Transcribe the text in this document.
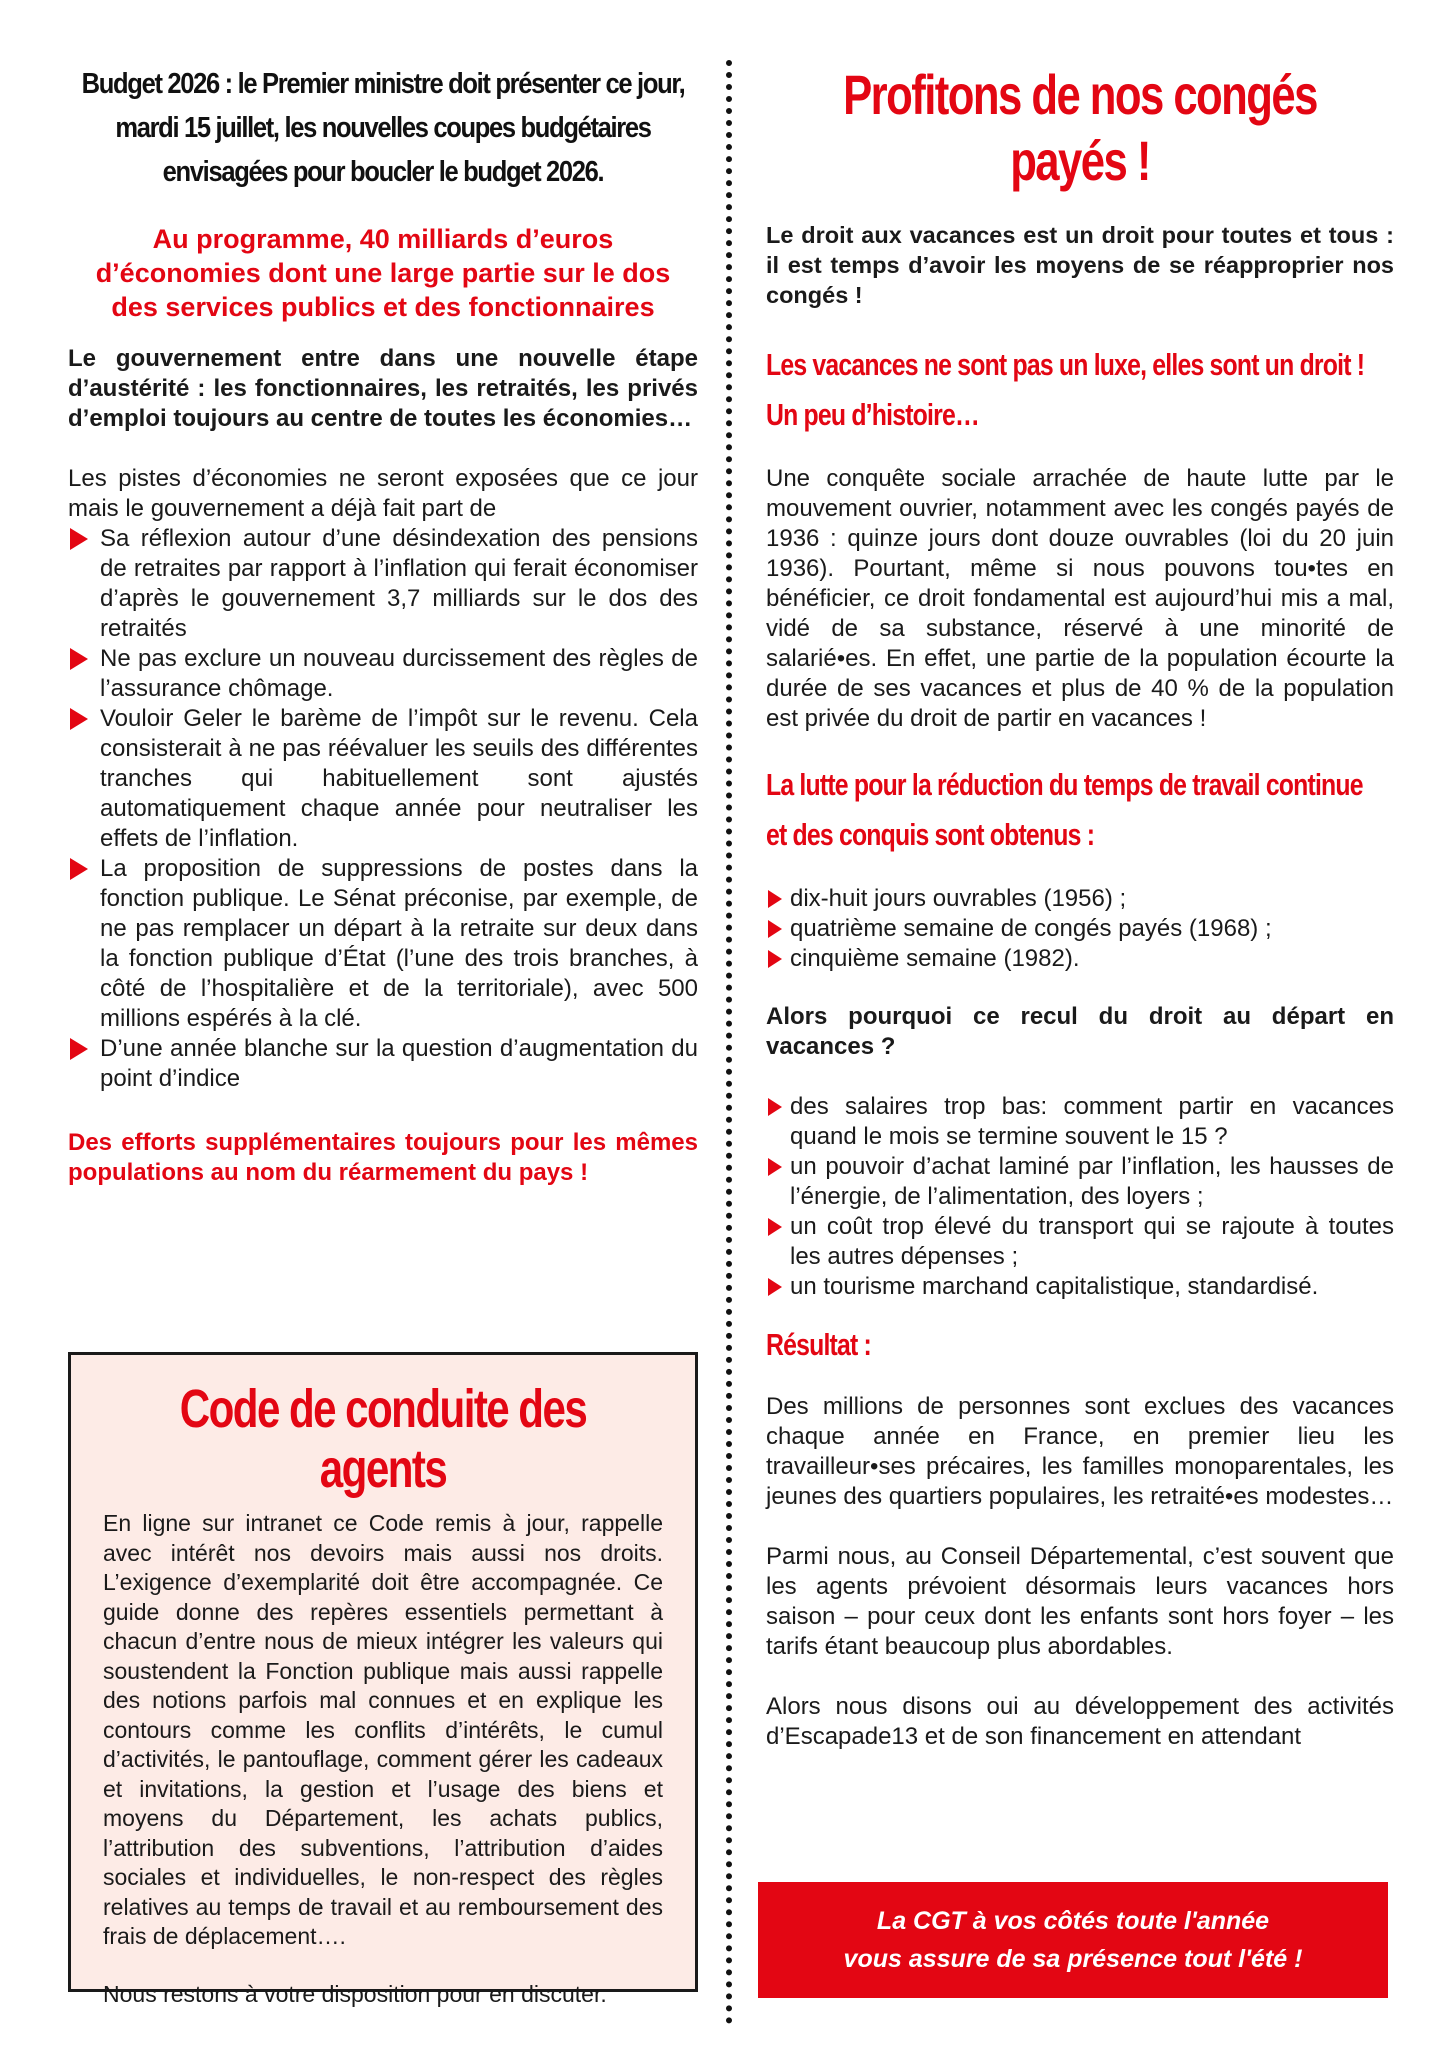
Budget 2026 : le Premier ministre doit présenter ce jour,
mardi 15 juillet, les nouvelles coupes budgétaires
envisagées pour boucler le budget 2026.
Au programme, 40 milliards d’euros
d’économies dont une large partie sur le dos
des services publics et des fonctionnaires

Le gouvernement entre dans une nouvelle étape d’austérité : les fonctionnaires, les retraités, les privés d’emploi toujours au centre de toutes les économies…

Les pistes d’économies ne seront exposées que ce jour mais le gouvernement a déjà fait part de

Sa réflexion autour d’une désindexation des pensions de retraites par rapport à l’inflation qui ferait économiser d’après le gouvernement 3,7 milliards sur le dos des retraités
Ne pas exclure un nouveau durcissement des règles de l’assurance chômage.
Vouloir Geler le barème de l’impôt sur le revenu. Cela consisterait à ne pas réévaluer les seuils des différentes tranches qui habituellement sont ajustés automatiquement chaque année pour neutraliser les effets de l’inflation.
La proposition de suppressions de postes dans la fonction publique. Le Sénat préconise, par exemple, de ne pas remplacer un départ à la retraite sur deux dans la fonction publique d’État (l’une des trois branches, à côté de l’hospitalière et de la territoriale), avec 500 millions espérés à la clé.
D’une année blanche sur la question d’augmentation du point d’indice

Des efforts supplémentaires toujours pour les mêmes populations au nom du réarmement du pays !

Code de conduite des agents

En ligne sur intranet ce Code remis à jour, rappelle avec intérêt nos devoirs mais aussi nos droits. L’exigence d’exemplarité doit être accompagnée. Ce guide donne des repères essentiels permettant à chacun d’entre nous de mieux intégrer les valeurs qui soustendent la Fonction publique mais aussi rappelle des notions parfois mal connues et en explique les contours comme les conflits d’intérêts, le cumul d’activités, le pantouflage, comment gérer les cadeaux et invitations, la gestion et l’usage des biens et moyens du Département, les achats publics, l’attribution des subventions, l’attribution d’aides sociales et individuelles, le non-respect des règles relatives au temps de travail et au remboursement des frais de déplacement….

Nous restons à votre disposition pour en discuter.

Profitons de nos congés payés !

Le droit aux vacances est un droit pour toutes et tous : il est temps d’avoir les moyens de se réapproprier nos congés !

Les vacances ne sont pas un luxe, elles sont un droit !
Un peu d’histoire…

Une conquête sociale arrachée de haute lutte par le mouvement ouvrier, notamment avec les congés payés de 1936 : quinze jours dont douze ouvrables (loi du 20 juin 1936). Pourtant, même si nous pouvons tou•tes en bénéficier, ce droit fondamental est aujourd’hui mis a mal, vidé de sa substance, réservé à une minorité de salarié•es. En effet, une partie de la population écourte la durée de ses vacances et plus de 40 % de la population est privée du droit de partir en vacances !

La lutte pour la réduction du temps de travail continue
et des conquis sont obtenus :
dix-huit jours ouvrables (1956) ;
quatrième semaine de congés payés (1968) ;
cinquième semaine (1982).

Alors pourquoi ce recul du droit au départ en vacances ?

des salaires trop bas: comment partir en vacances quand le mois se termine souvent le 15 ?
un pouvoir d’achat laminé par l’inflation, les hausses de l’énergie, de l’alimentation, des loyers ;
un coût trop élevé du transport qui se rajoute à toutes les autres dépenses ;
un tourisme marchand capitalistique, standardisé.
Résultat :

Des millions de personnes sont exclues des vacances chaque année en France, en premier lieu les travailleur•ses précaires, les familles monoparentales, les jeunes des quartiers populaires, les retraité•es modestes…

Parmi nous, au Conseil Départemental, c’est souvent que les agents prévoient désormais leurs vacances hors saison – pour ceux dont les enfants sont hors foyer – les tarifs étant beaucoup plus abordables.

Alors nous disons oui au développement des activités d’Escapade13 et de son financement en attendant

La CGT à vos côtés toute l'année
vous assure de sa présence tout l'été !
